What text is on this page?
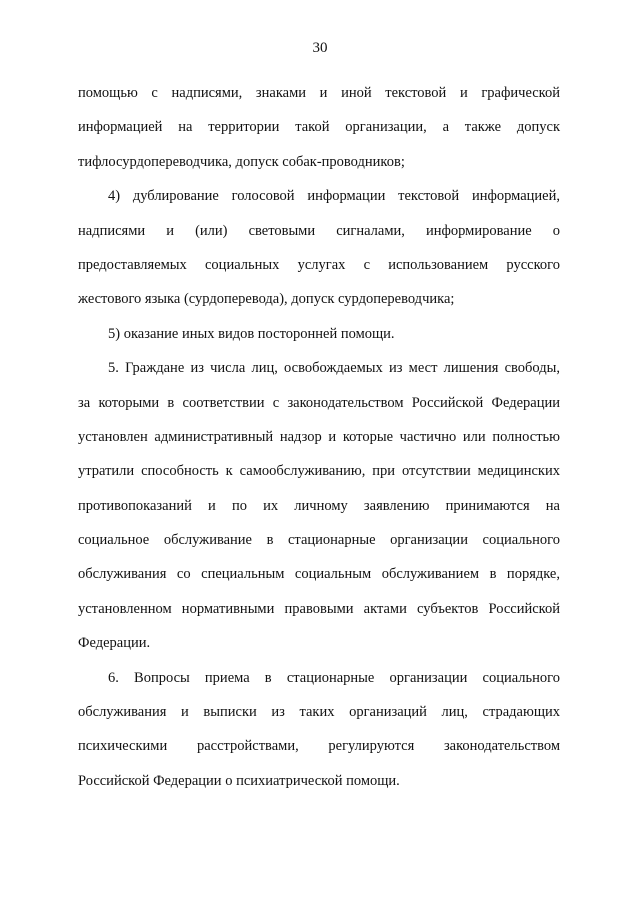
30
помощью с надписями, знаками и иной текстовой и графической
информацией на территории такой организации, а также допуск
тифлосурдопереводчика, допуск собак-проводников;
4) дублирование голосовой информации текстовой информацией,
надписями и (или) световыми сигналами, информирование о
предоставляемых социальных услугах с использованием русского
жестового языка (сурдоперевода), допуск сурдопереводчика;
5) оказание иных видов посторонней помощи.
5. Граждане из числа лиц, освобождаемых из мест лишения свободы,
за которыми в соответствии с законодательством Российской Федерации
установлен административный надзор и которые частично или полностью
утратили способность к самообслуживанию, при отсутствии медицинских
противопоказаний и по их личному заявлению принимаются на
социальное обслуживание в стационарные организации социального
обслуживания со специальным социальным обслуживанием в порядке,
установленном нормативными правовыми актами субъектов Российской
Федерации.
6. Вопросы приема в стационарные организации социального
обслуживания и выписки из таких организаций лиц, страдающих
психическими расстройствами, регулируются законодательством
Российской Федерации о психиатрической помощи.
